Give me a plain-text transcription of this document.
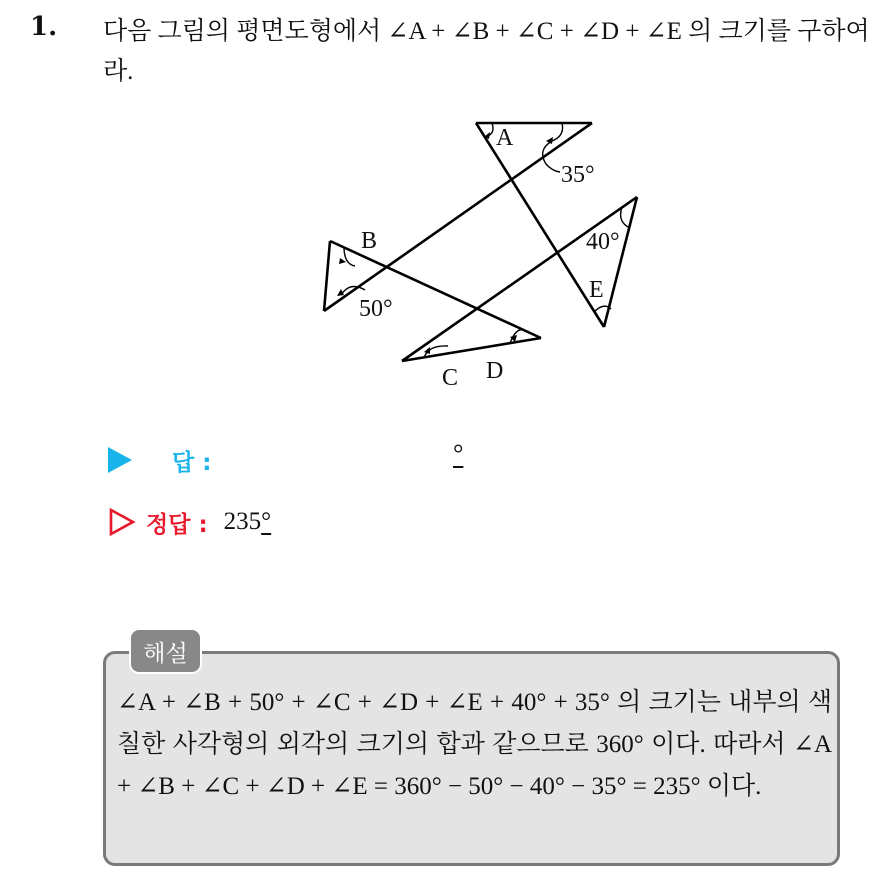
1. 다음 그림의 평면도형에서 ∠A + ∠B + ∠C + ∠D + ∠E 의 크기를 구하여라.
A
35°
B
50°
40°
E
C D
답 :	°
정답 : 235°
해설
∠A + ∠B + 50° + ∠C + ∠D + ∠E + 40° + 35° 의 크기는 내부의 색칠한 사각형의 외각의 크기의 합과 같으므로 360° 이다. 따라서 ∠A + ∠B + ∠C + ∠D + ∠E = 360° − 50° − 40° − 35° = 235° 이다.
